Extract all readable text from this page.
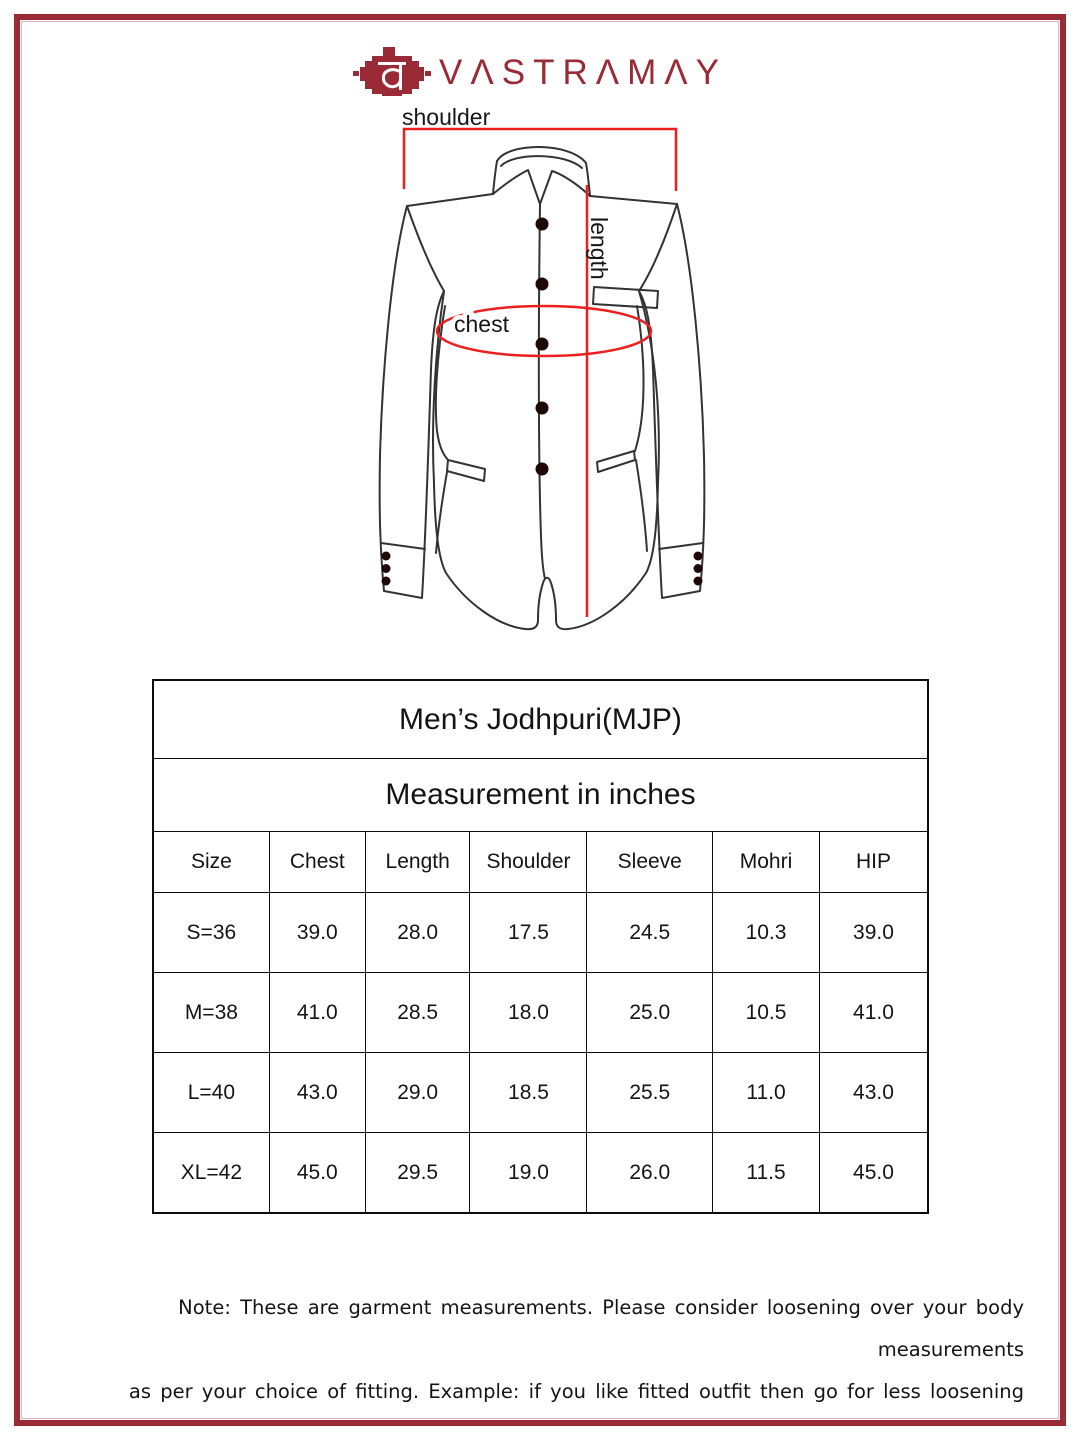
VΛSTRΛMΛY
shoulder
length
chest
Men’s Jodhpuri(MJP)						
Measurement in inches						
Size	Chest	Length	Shoulder	Sleeve	Mohri	HIP
S=36	39.0	28.0	17.5	24.5	10.3	39.0
M=38	41.0	28.5	18.0	25.0	10.5	41.0
L=40	43.0	29.0	18.5	25.5	11.0	43.0
XL=42	45.0	29.5	19.0	26.0	11.5	45.0
Note: These are garment measurements. Please consider loosening over your body measurements
as per your choice of fitting. Example: if you like fitted outfit then go for less loosening
